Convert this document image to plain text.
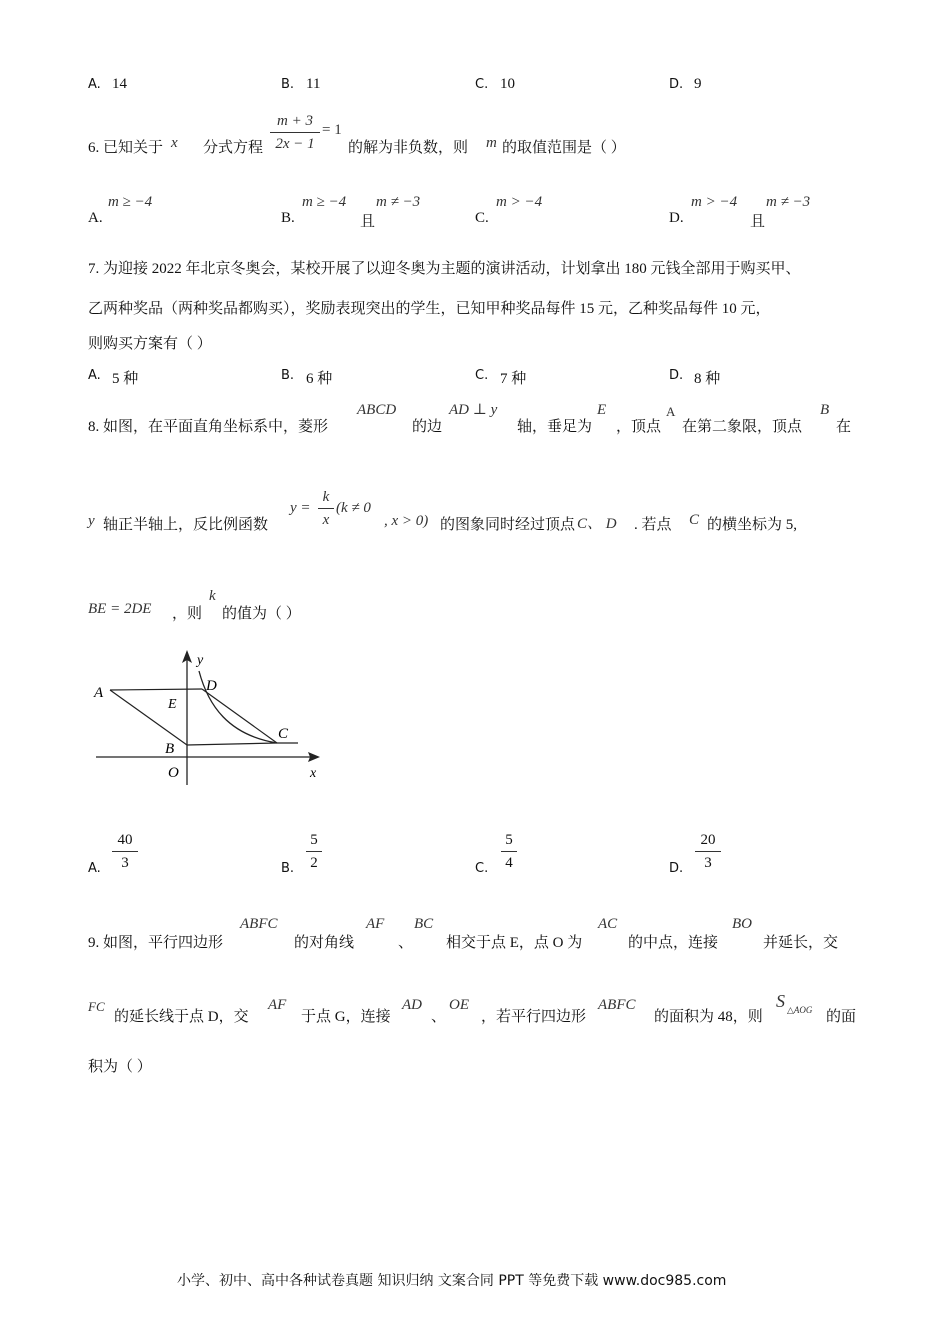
A. 14	B. 11	C. 10	D. 9
6. 已知关于 x 分式方程
m + 3
2x − 1
= 1
的解为非负数，则 m 的取值范围是（ ）
A.
m ≥ −4
B.
m ≥ −4
且
m ≠ −3
C.
m > −4
D.
m > −4
且
m ≠ −3
7. 为迎接 2022 年北京冬奥会，某校开展了以迎冬奥为主题的演讲活动，计划拿出 180 元钱全部用于购买甲、
乙两种奖品（两种奖品都购买），奖励表现突出的学生，已知甲种奖品每件 15 元，乙种奖品每件 10 元，
则购买方案有（ ）
A. 5 种	B. 6 种	C. 7 种	D. 8 种
8. 如图，在平面直角坐标系中，菱形
ABCD
的边
AD ⊥ y
轴，垂足为
E
，顶点
A
在第二象限，顶点
B
在
y 轴正半轴上，反比例函数
y =
k
x
(k ≠ 0
, x > 0) 的图象同时经过顶点 C、 D . 若点 C 的横坐标为 5,
BE = 2DE ，则
k
的值为（ ）
A
E
D
C
B
O	x
y
A.
40
3	B.
5
2	C.
5
4	D.
20
3
9. 如图，平行四边形
ABFC
的对角线
AF
、
BC
相交于点 E，点 O 为
AC
的中点，连接
BO
并延长，交
FC
的延长线于点 D，交
AF
于点 G，连接
AD
、
OE
，若平行四边形
ABFC
的面积为 48，则
S △AOG 的面
积为（ ）
小学、初中、高中各种试卷真题 知识归纳 文案合同 PPT 等免费下载 www.doc985.com
